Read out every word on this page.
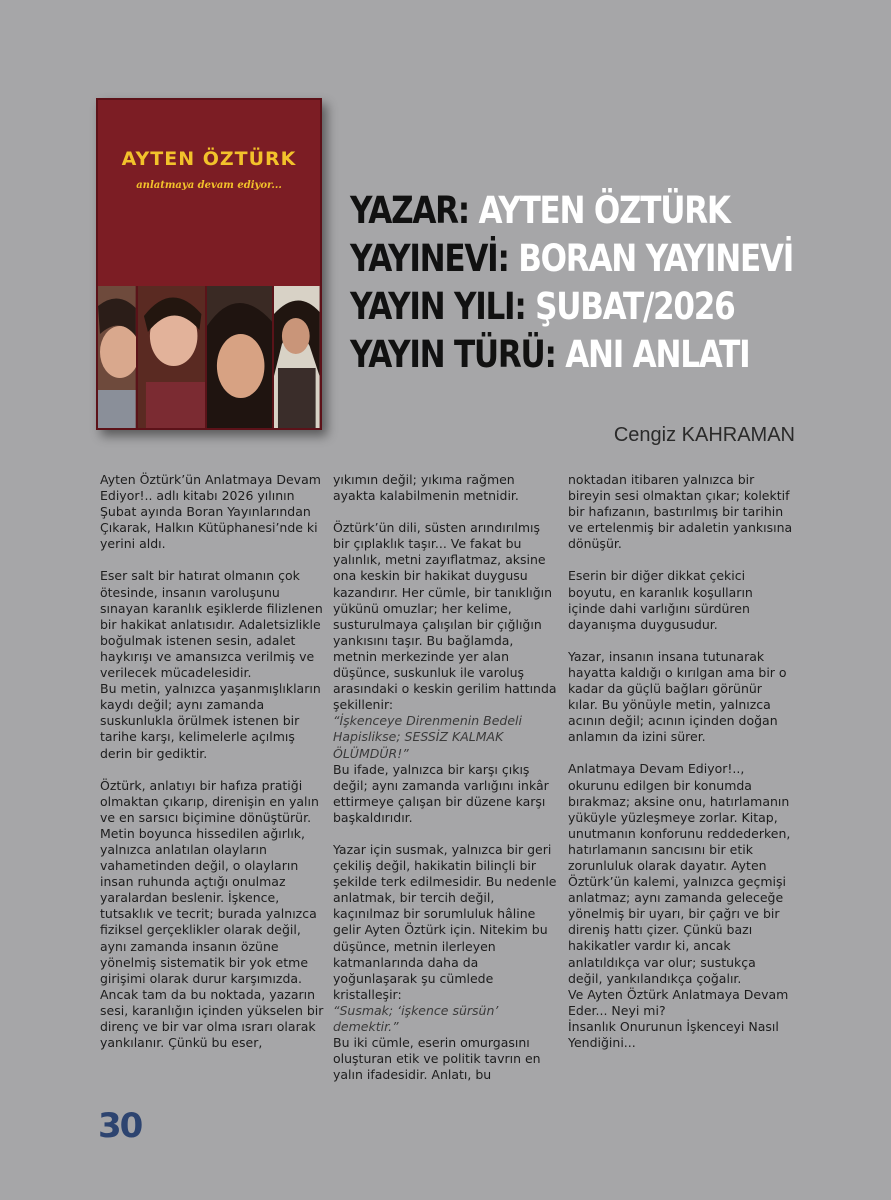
AYTEN ÖZTÜRK

anlatmaya devam ediyor...

YAZAR: AYTEN ÖZTÜRK

YAYINEVİ: BORAN YAYINEVİ

YAYIN YILI: ŞUBAT/2026

YAYIN TÜRÜ: ANI ANLATI

Cengiz KAHRAMAN

Ayten Öztürk’ün Anlatmaya Devam Ediyor!.. adlı kitabı 2026 yılının Şubat ayında Boran Yayınlarından Çıkarak, Halkın Kütüphanesi’nde ki yerini aldı.

Eser salt bir hatırat olmanın çok ötesinde, insanın varoluşunu sınayan karanlık eşiklerde filizlenen bir hakikat anlatısıdır. Adaletsizlikle boğulmak istenen sesin, adalet haykırışı ve amansızca verilmiş ve verilecek mücadelesidir.

Bu metin, yalnızca yaşanmışlıkların kaydı değil; aynı zamanda suskunlukla örülmek istenen bir tarihe karşı, kelimelerle açılmış derin bir gediktir.

Öztürk, anlatıyı bir hafıza pratiği olmaktan çıkarıp, direnişin en yalın ve en sarsıcı biçimine dönüştürür. Metin boyunca hissedilen ağırlık, yalnızca anlatılan olayların vahametinden değil, o olayların insan ruhunda açtığı onulmaz yaralardan beslenir. İşkence, tutsaklık ve tecrit; burada yalnızca fiziksel gerçeklikler olarak değil, aynı zamanda insanın özüne yönelmiş sistematik bir yok etme girişimi olarak durur karşımızda. Ancak tam da bu noktada, yazarın sesi, karanlığın içinden yükselen bir direnç ve bir var olma ısrarı olarak yankılanır. Çünkü bu eser,

yıkımın değil; yıkıma rağmen ayakta kalabilmenin metnidir.

Öztürk’ün dili, süsten arındırılmış bir çıplaklık taşır... Ve fakat bu yalınlık, metni zayıflatmaz, aksine ona keskin bir hakikat duygusu kazandırır. Her cümle, bir tanıklığın yükünü omuzlar; her kelime, susturulmaya çalışılan bir çığlığın yankısını taşır. Bu bağlamda, metnin merkezinde yer alan düşünce, suskunluk ile varoluş arasındaki o keskin gerilim hattında şekillenir:

“İşkenceye Direnmenin Bedeli Hapislikse; SESSİZ KALMAK ÖLÜMDÜR!”

Bu ifade, yalnızca bir karşı çıkış değil; aynı zamanda varlığını inkâr ettirmeye çalışan bir düzene karşı başkaldırıdır.

Yazar için susmak, yalnızca bir geri çekiliş değil, hakikatin bilinçli bir şekilde terk edilmesidir. Bu nedenle anlatmak, bir tercih değil, kaçınılmaz bir sorumluluk hâline gelir Ayten Öztürk için. Nitekim bu düşünce, metnin ilerleyen katmanlarında daha da yoğunlaşarak şu cümlede kristalleşir:

“Susmak; ‘işkence sürsün’ demektir.”

Bu iki cümle, eserin omurgasını oluşturan etik ve politik tavrın en yalın ifadesidir. Anlatı, bu

noktadan itibaren yalnızca bir bireyin sesi olmaktan çıkar; kolektif bir hafızanın, bastırılmış bir tarihin ve ertelenmiş bir adaletin yankısına dönüşür.

Eserin bir diğer dikkat çekici boyutu, en karanlık koşulların içinde dahi varlığını sürdüren dayanışma duygusudur.

Yazar, insanın insana tutunarak hayatta kaldığı o kırılgan ama bir o kadar da güçlü bağları görünür kılar. Bu yönüyle metin, yalnızca acının değil; acının içinden doğan anlamın da izini sürer.

Anlatmaya Devam Ediyor!.., okurunu edilgen bir konumda bırakmaz; aksine onu, hatırlamanın yüküyle yüzleşmeye zorlar. Kitap, unutmanın konforunu reddederken, hatırlamanın sancısını bir etik zorunluluk olarak dayatır. Ayten Öztürk’ün kalemi, yalnızca geçmişi anlatmaz; aynı zamanda geleceğe yönelmiş bir uyarı, bir çağrı ve bir direniş hattı çizer. Çünkü bazı hakikatler vardır ki, ancak anlatıldıkça var olur; sustukça değil, yankılandıkça çoğalır.

Ve Ayten Öztürk Anlatmaya Devam Eder... Neyi mi?

İnsanlık Onurunun İşkenceyi Nasıl Yendiğini...

30
